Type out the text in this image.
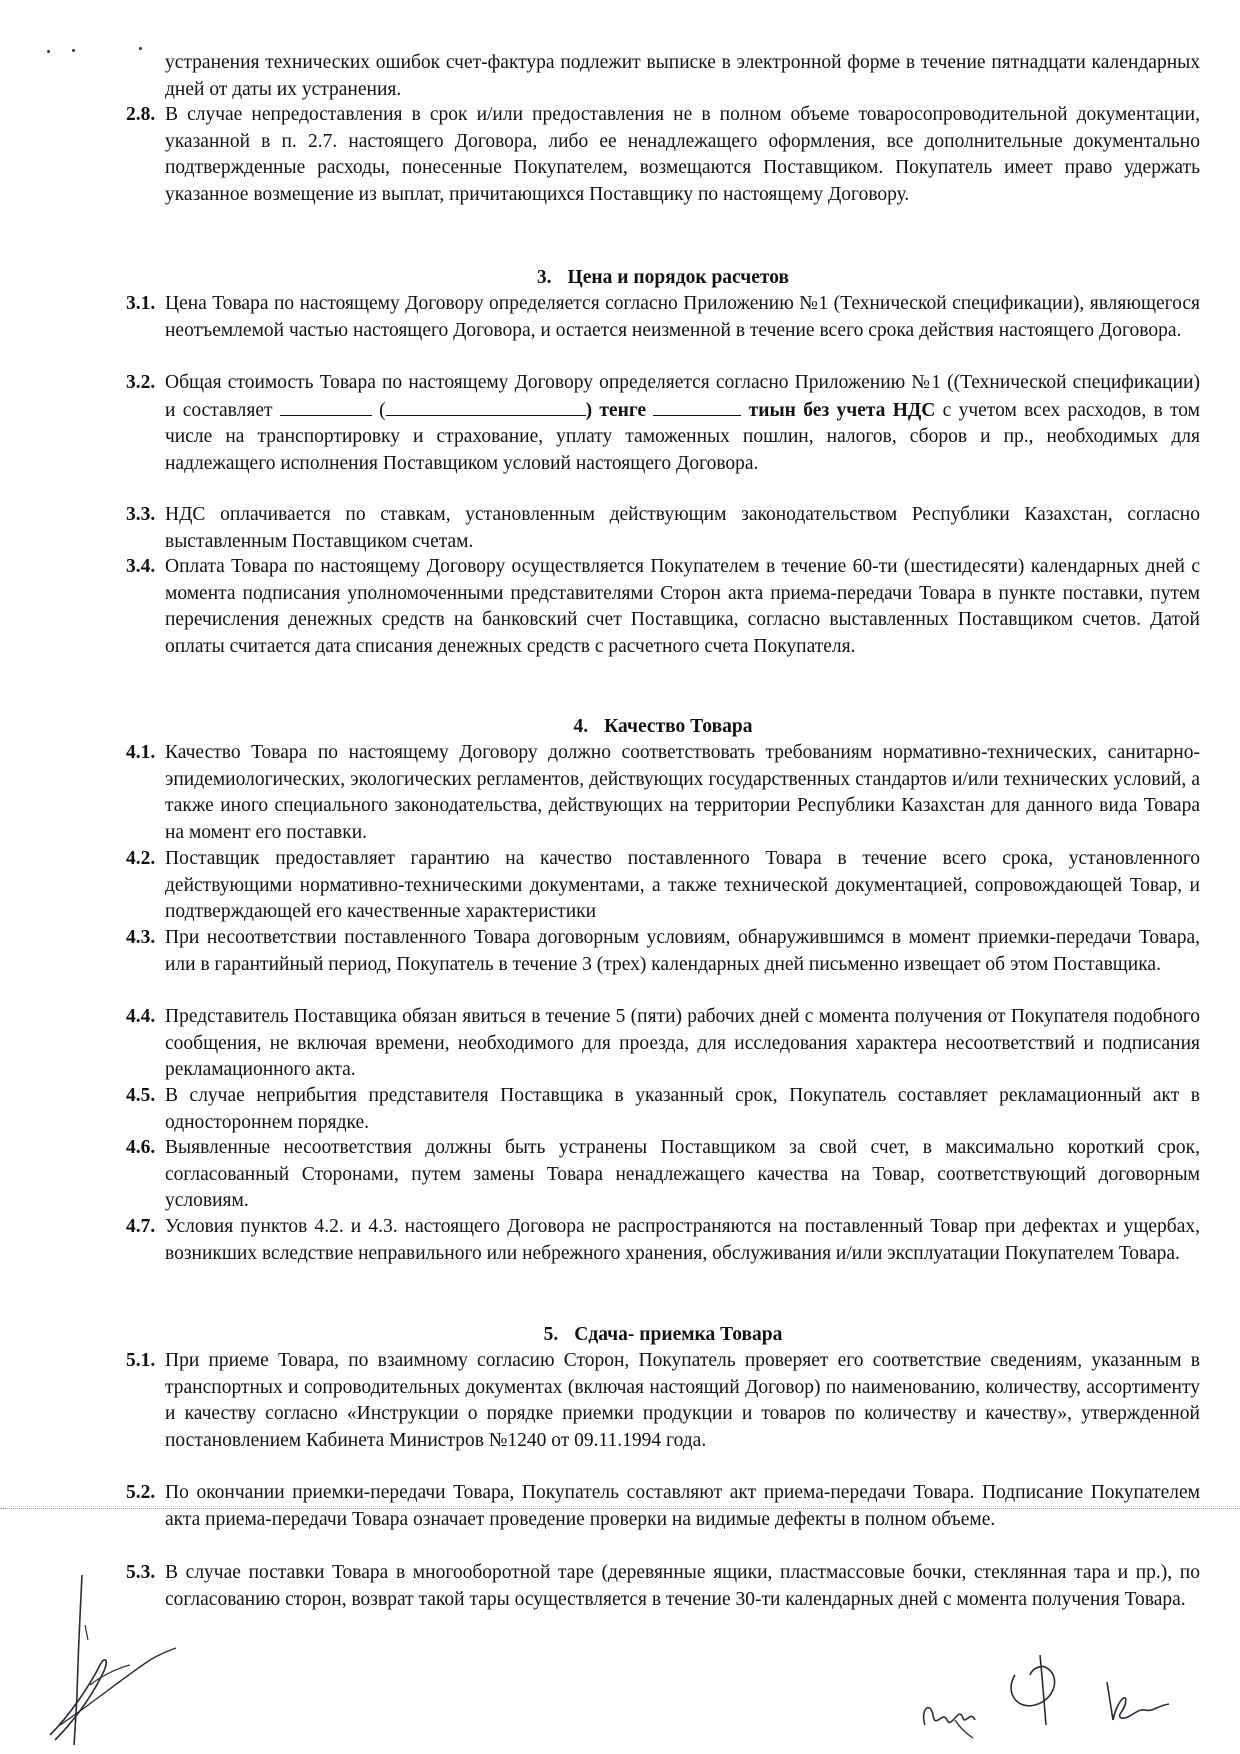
устранения технических ошибок счет-фактура подлежит выписке в электронной форме в течение пятнадцати календарных дней от даты их устранения.
2.8. В случае непредоставления в срок и/или предоставления не в полном объеме товаросопроводительной документации, указанной в п. 2.7. настоящего Договора, либо ее ненадлежащего оформления, все дополнительные документально подтвержденные расходы, понесенные Покупателем, возмещаются Поставщиком. Покупатель имеет право удержать указанное возмещение из выплат, причитающихся Поставщику по настоящему Договору.
3. Цена и порядок расчетов
3.1. Цена Товара по настоящему Договору определяется согласно Приложению №1 (Технической спецификации), являющегося неотъемлемой частью настоящего Договора, и остается неизменной в течение всего срока действия настоящего Договора.
3.2. Общая стоимость Товара по настоящему Договору определяется согласно Приложению №1 ((Технической спецификации) и составляет	(	) тенге	тиын без учета НДС с учетом всех расходов, в том числе на транспортировку и страхование, уплату таможенных пошлин, налогов, сборов и пр., необходимых для надлежащего исполнения Поставщиком условий настоящего Договора.
3.3. НДС оплачивается по ставкам, установленным действующим законодательством Республики Казахстан, согласно выставленным Поставщиком счетам.
3.4. Оплата Товара по настоящему Договору осуществляется Покупателем в течение 60-ти (шестидесяти) календарных дней с момента подписания уполномоченными представителями Сторон акта приема-передачи Товара в пункте поставки, путем перечисления денежных средств на банковский счет Поставщика, согласно выставленных Поставщиком счетов. Датой оплаты считается дата списания денежных средств с расчетного счета Покупателя.
4. Качество Товара
4.1. Качество Товара по настоящему Договору должно соответствовать требованиям нормативно-технических, санитарно-эпидемиологических, экологических регламентов, действующих государственных стандартов и/или технических условий, а также иного специального законодательства, действующих на территории Республики Казахстан для данного вида Товара на момент его поставки.
4.2. Поставщик предоставляет гарантию на качество поставленного Товара в течение всего срока, установленного действующими нормативно-техническими документами, а также технической документацией, сопровождающей Товар, и подтверждающей его качественные характеристики
4.3. При несоответствии поставленного Товара договорным условиям, обнаружившимся в момент приемки-передачи Товара, или в гарантийный период, Покупатель в течение 3 (трех) календарных дней письменно извещает об этом Поставщика.
4.4. Представитель Поставщика обязан явиться в течение 5 (пяти) рабочих дней с момента получения от Покупателя подобного сообщения, не включая времени, необходимого для проезда, для исследования характера несоответствий и подписания рекламационного акта.
4.5. В случае неприбытия представителя Поставщика в указанный срок, Покупатель составляет рекламационный акт в одностороннем порядке.
4.6. Выявленные несоответствия должны быть устранены Поставщиком за свой счет, в максимально короткий срок, согласованный Сторонами, путем замены Товара ненадлежащего качества на Товар, соответствующий договорным условиям.
4.7. Условия пунктов 4.2. и 4.3. настоящего Договора не распространяются на поставленный Товар при дефектах и ущербах, возникших вследствие неправильного или небрежного хранения, обслуживания и/или эксплуатации Покупателем Товара.
5. Сдача- приемка Товара
5.1. При приеме Товара, по взаимному согласию Сторон, Покупатель проверяет его соответствие сведениям, указанным в транспортных и сопроводительных документах (включая настоящий Договор) по наименованию, количеству, ассортименту и качеству согласно «Инструкции о порядке приемки продукции и товаров по количеству и качеству», утвержденной постановлением Кабинета Министров №1240 от 09.11.1994 года.
5.2. По окончании приемки-передачи Товара, Покупатель составляют акт приема-передачи Товара. Подписание Покупателем акта приема-передачи Товара означает проведение проверки на видимые дефекты в полном объеме.
5.3. В случае поставки Товара в многооборотной таре (деревянные ящики, пластмассовые бочки, стеклянная тара и пр.), по согласованию сторон, возврат такой тары осуществляется в течение 30-ти календарных дней с момента получения Товара.
